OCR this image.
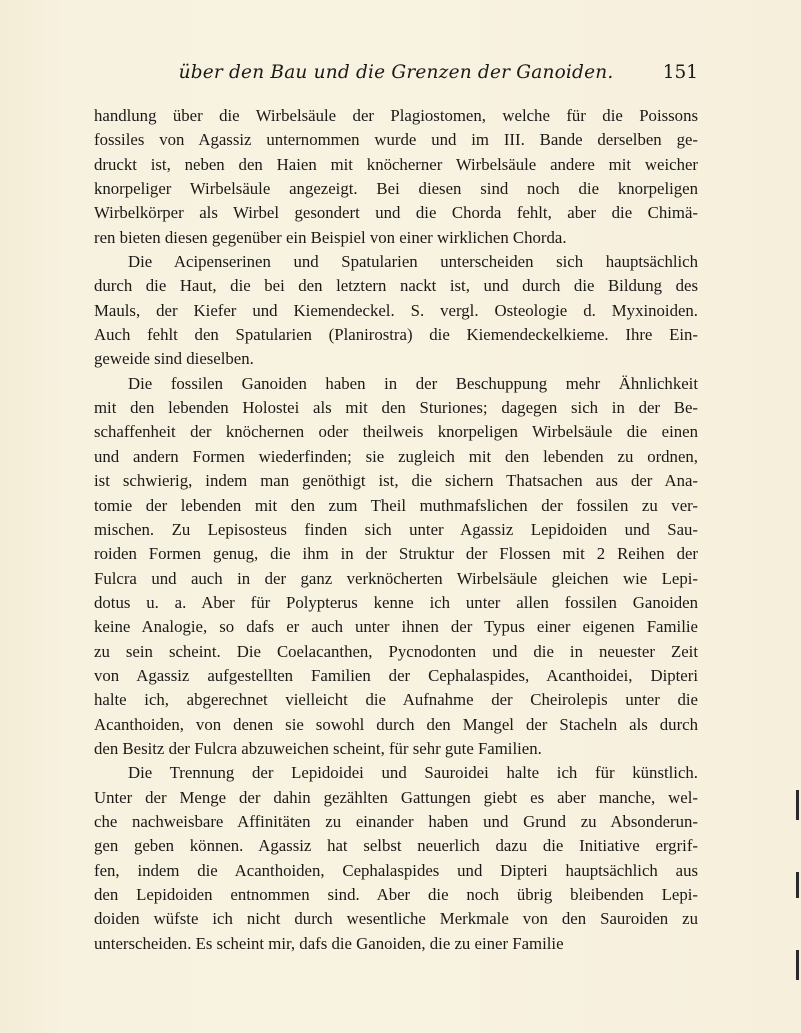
über den Bau und die Grenzen der Ganoiden.	151
handlung über die Wirbelsäule der Plagiostomen, welche für die Poissons
fossiles von Agassiz unternommen wurde und im III. Bande derselben ge-
druckt ist, neben den Haien mit knöcherner Wirbelsäule andere mit weicher
knorpeliger Wirbelsäule angezeigt. Bei diesen sind noch die knorpeligen
Wirbelkörper als Wirbel gesondert und die Chorda fehlt, aber die Chimä-
ren bieten diesen gegenüber ein Beispiel von einer wirklichen Chorda.
Die Acipenserinen und Spatularien unterscheiden sich hauptsächlich
durch die Haut, die bei den letztern nackt ist, und durch die Bildung des
Mauls, der Kiefer und Kiemendeckel. S. vergl. Osteologie d. Myxinoiden.
Auch fehlt den Spatularien (Planirostra) die Kiemendeckelkieme. Ihre Ein-
geweide sind dieselben.
Die fossilen Ganoiden haben in der Beschuppung mehr Ähnlichkeit
mit den lebenden Holostei als mit den Sturiones; dagegen sich in der Be-
schaffenheit der knöchernen oder theilweis knorpeligen Wirbelsäule die einen
und andern Formen wiederfinden; sie zugleich mit den lebenden zu ordnen,
ist schwierig, indem man genöthigt ist, die sichern Thatsachen aus der Ana-
tomie der lebenden mit den zum Theil muthmafslichen der fossilen zu ver-
mischen. Zu Lepisosteus finden sich unter Agassiz Lepidoiden und Sau-
roiden Formen genug, die ihm in der Struktur der Flossen mit 2 Reihen der
Fulcra und auch in der ganz verknöcherten Wirbelsäule gleichen wie Lepi-
dotus u. a. Aber für Polypterus kenne ich unter allen fossilen Ganoiden
keine Analogie, so dafs er auch unter ihnen der Typus einer eigenen Familie
zu sein scheint. Die Coelacanthen, Pycnodonten und die in neuester Zeit
von Agassiz aufgestellten Familien der Cephalaspides, Acanthoidei, Dipteri
halte ich, abgerechnet vielleicht die Aufnahme der Cheirolepis unter die
Acanthoiden, von denen sie sowohl durch den Mangel der Stacheln als durch
den Besitz der Fulcra abzuweichen scheint, für sehr gute Familien.
Die Trennung der Lepidoidei und Sauroidei halte ich für künstlich.
Unter der Menge der dahin gezählten Gattungen giebt es aber manche, wel-
che nachweisbare Affinitäten zu einander haben und Grund zu Absonderun-
gen geben können. Agassiz hat selbst neuerlich dazu die Initiative ergrif-
fen, indem die Acanthoiden, Cephalaspides und Dipteri hauptsächlich aus
den Lepidoiden entnommen sind. Aber die noch übrig bleibenden Lepi-
doiden wüfste ich nicht durch wesentliche Merkmale von den Sauroiden zu
unterscheiden. Es scheint mir, dafs die Ganoiden, die zu einer Familie
